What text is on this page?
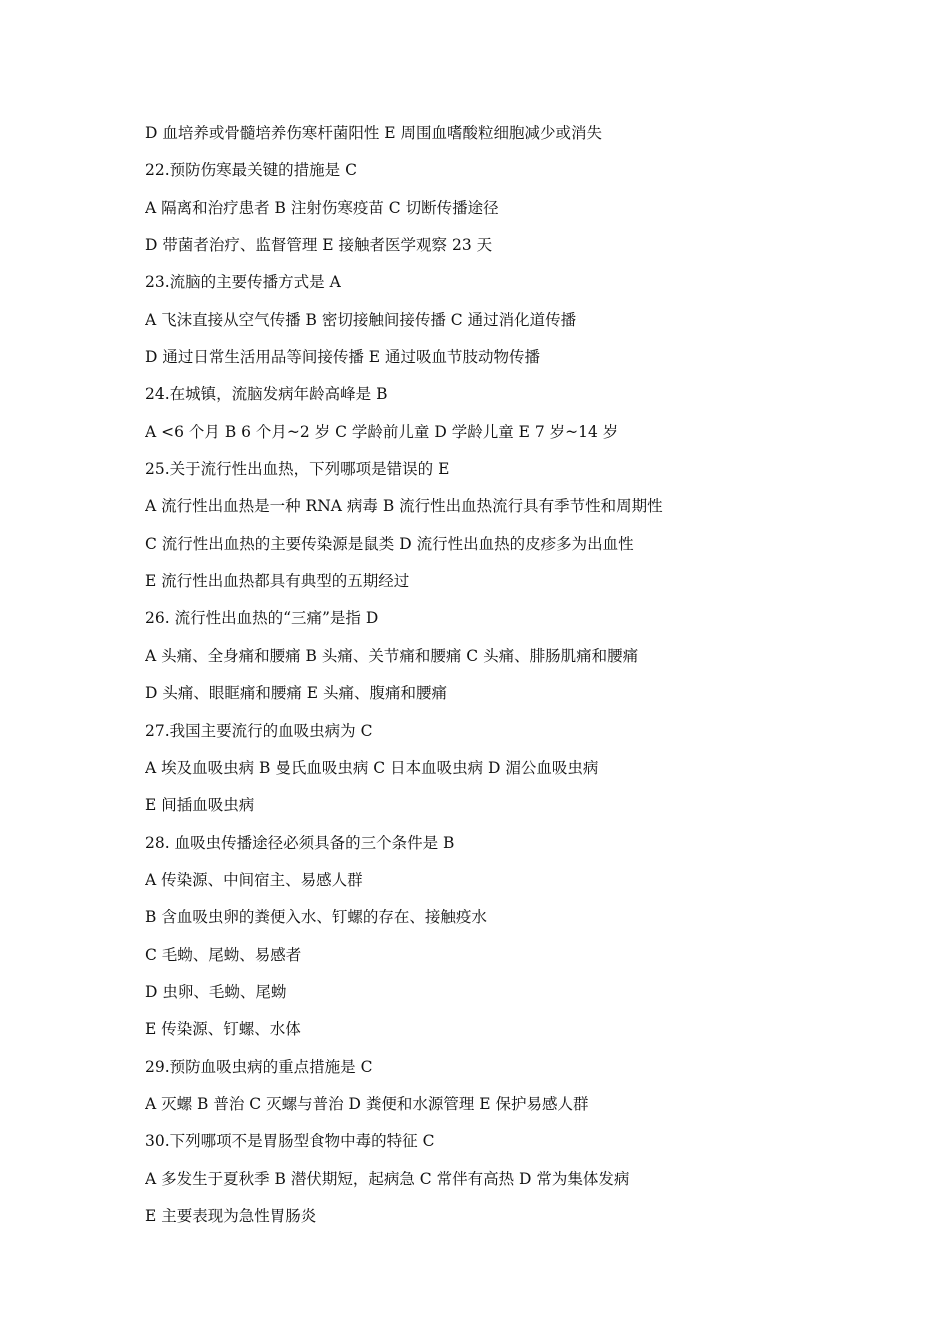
D 血培养或骨髓培养伤寒杆菌阳性 E 周围血嗜酸粒细胞减少或消失
22.预防伤寒最关键的措施是 C
A 隔离和治疗患者 B 注射伤寒疫苗 C 切断传播途径
D 带菌者治疗、监督管理 E 接触者医学观察 23 天
23.流脑的主要传播方式是 A
A 飞沫直接从空气传播 B 密切接触间接传播 C 通过消化道传播
D 通过日常生活用品等间接传播 E 通过吸血节肢动物传播
24.在城镇，流脑发病年龄高峰是 B
A <6 个月 B 6 个月~2 岁 C 学龄前儿童 D 学龄儿童 E 7 岁~14 岁
25.关于流行性出血热，下列哪项是错误的 E
A 流行性出血热是一种 RNA 病毒 B 流行性出血热流行具有季节性和周期性
C 流行性出血热的主要传染源是鼠类 D 流行性出血热的皮疹多为出血性
E 流行性出血热都具有典型的五期经过
26. 流行性出血热的“三痛”是指 D
A 头痛、全身痛和腰痛 B 头痛、关节痛和腰痛 C 头痛、腓肠肌痛和腰痛
D 头痛、眼眶痛和腰痛 E 头痛、腹痛和腰痛
27.我国主要流行的血吸虫病为 C
A 埃及血吸虫病 B 曼氏血吸虫病 C 日本血吸虫病 D 湄公血吸虫病
E 间插血吸虫病
28. 血吸虫传播途径必须具备的三个条件是 B
A 传染源、中间宿主、易感人群
B 含血吸虫卵的粪便入水、钉螺的存在、接触疫水
C 毛蚴、尾蚴、易感者
D 虫卵、毛蚴、尾蚴
E 传染源、钉螺、水体
29.预防血吸虫病的重点措施是 C
A 灭螺 B 普治 C 灭螺与普治 D 粪便和水源管理 E 保护易感人群
30.下列哪项不是胃肠型食物中毒的特征 C
A 多发生于夏秋季 B 潜伏期短，起病急 C 常伴有高热 D 常为集体发病
E 主要表现为急性胃肠炎
